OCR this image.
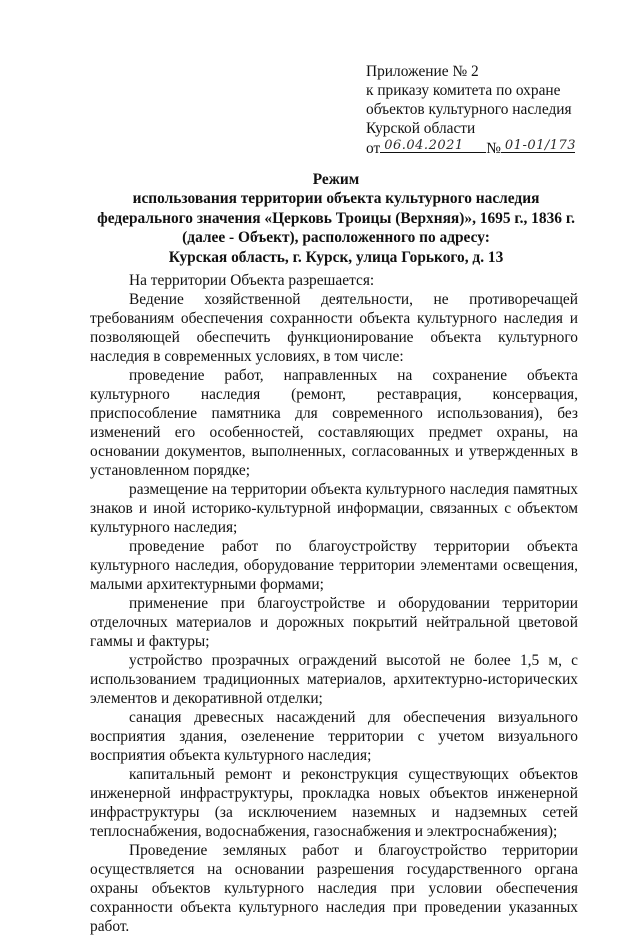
Приложение № 2
к приказу комитета по охране
объектов культурного наследия
Курской области
от 06.04.2021 № 01-01/173
Режим
использования территории объекта культурного наследия
федерального значения «Церковь Троицы (Верхняя)», 1695 г., 1836 г.
(далее - Объект), расположенного по адресу:
Курская область, г. Курск, улица Горького, д. 13

На территории Объекта разрешается:

Ведение хозяйственной деятельности, не противоречащей требованиям обеспечения сохранности объекта культурного наследия и позволяющей обеспечить функционирование объекта культурного наследия в современных условиях, в том числе:

проведение работ, направленных на сохранение объекта культурного наследия (ремонт, реставрация, консервация, приспособление памятника для современного использования), без изменений его особенностей, составляющих предмет охраны, на основании документов, выполненных, согласованных и утвержденных в установленном порядке;

размещение на территории объекта культурного наследия памятных знаков и иной историко-культурной информации, связанных с объектом культурного наследия;

проведение работ по благоустройству территории объекта культурного наследия, оборудование территории элементами освещения, малыми архитектурными формами;

применение при благоустройстве и оборудовании территории отделочных материалов и дорожных покрытий нейтральной цветовой гаммы и фактуры;

устройство прозрачных ограждений высотой не более 1,5 м, с использованием традиционных материалов, архитектурно-исторических элементов и декоративной отделки;

санация древесных насаждений для обеспечения визуального восприятия здания, озеленение территории с учетом визуального восприятия объекта культурного наследия;

капитальный ремонт и реконструкция существующих объектов инженерной инфраструктуры, прокладка новых объектов инженерной инфраструктуры (за исключением наземных и надземных сетей теплоснабжения, водоснабжения, газоснабжения и электроснабжения);

Проведение земляных работ и благоустройство территории осуществляется на основании разрешения государственного органа охраны объектов культурного наследия при условии обеспечения сохранности объекта культурного наследия при проведении указанных работ.
